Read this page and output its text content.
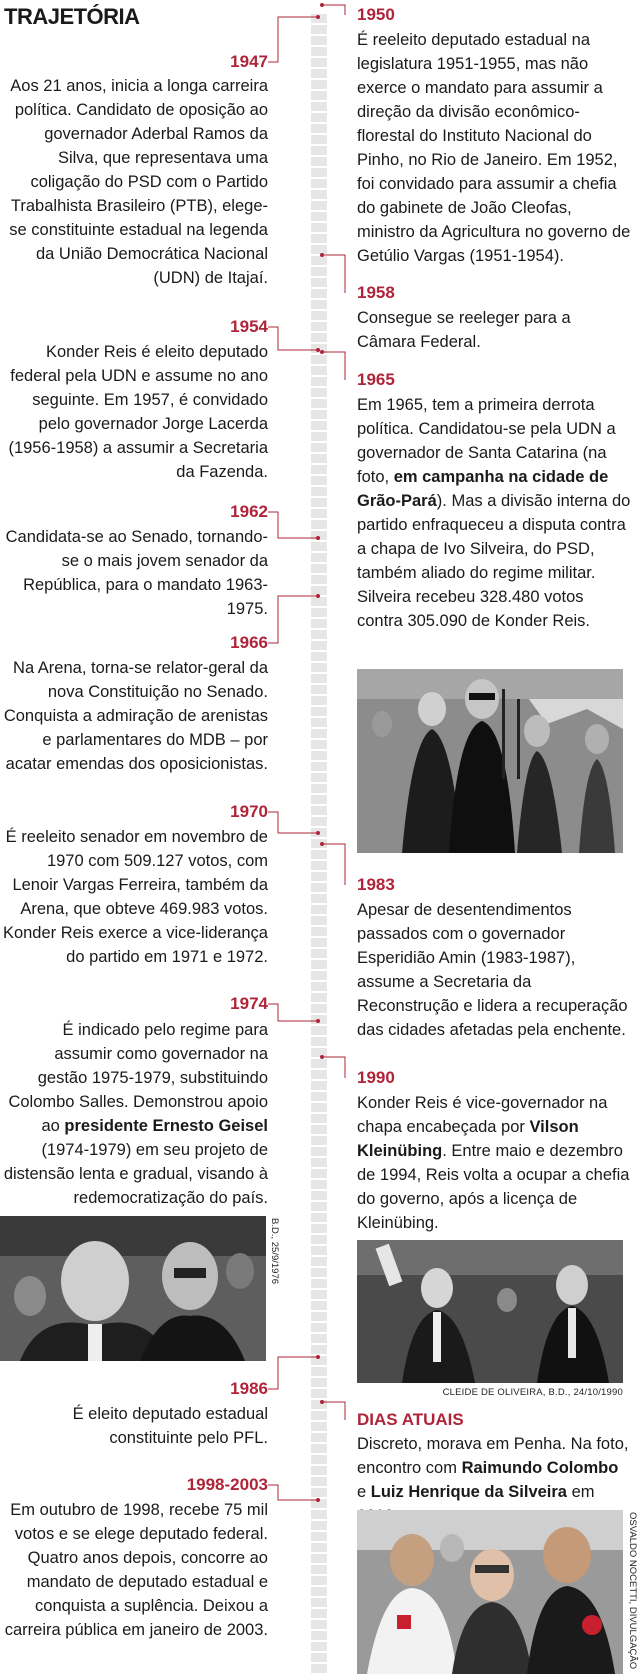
TRAJETÓRIA
1947
Aos 21 anos, inicia a longa carreira política. Candidato de oposição ao governador Aderbal Ramos da Silva, que representava uma coligação do PSD com o Partido Trabalhista Brasileiro (PTB), elege-se constituinte estadual na legenda da União Democrática Nacional (UDN) de Itajaí.
1954
Konder Reis é eleito deputado federal pela UDN e assume no ano seguinte. Em 1957, é convidado pelo governador Jorge Lacerda (1956-1958) a assumir a Secretaria da Fazenda.
1962
Candidata-se ao Senado, tornando-se o mais jovem senador da República, para o mandato 1963-1975.
1966
Na Arena, torna-se relator-geral da nova Constituição no Senado. Conquista a admiração de arenistas e parlamentares do MDB – por acatar emendas dos oposicionistas.
1970
É reeleito senador em novembro de 1970 com 509.127 votos, com Lenoir Vargas Ferreira, também da Arena, que obteve 469.983 votos. Konder Reis exerce a vice-liderança do partido em 1971 e 1972.
1974
É indicado pelo regime para assumir como governador na gestão 1975-1979, substituindo Colombo Salles. Demonstrou apoio ao presidente Ernesto Geisel (1974-1979) em seu projeto de distensão lenta e gradual, visando à redemocratização do país.
B.D., 25/9/1976
1986
É eleito deputado estadual constituinte pelo PFL.
1998-2003
Em outubro de 1998, recebe 75 mil votos e se elege deputado federal. Quatro anos depois, concorre ao mandato de deputado estadual e conquista a suplência. Deixou a carreira pública em janeiro de 2003.
1950
É reeleito deputado estadual na legislatura 1951-1955, mas não exerce o mandato para assumir a direção da divisão econômico-florestal do Instituto Nacional do Pinho, no Rio de Janeiro. Em 1952, foi convidado para assumir a chefia do gabinete de João Cleofas, ministro da Agricultura no governo de Getúlio Vargas (1951-1954).
1958
Consegue se reeleger para a Câmara Federal.
1965
Em 1965, tem a primeira derrota política. Candidatou-se pela UDN a governador de Santa Catarina (na foto, em campanha na cidade de Grão-Pará). Mas a divisão interna do partido enfraqueceu a disputa contra a chapa de Ivo Silveira, do PSD, também aliado do regime militar. Silveira recebeu 328.480 votos contra 305.090 de Konder Reis.
1983
Apesar de desentendimentos passados com o governador Esperidião Amin (1983-1987), assume a Secretaria da Reconstrução e lidera a recuperação das cidades afetadas pela enchente.
1990
Konder Reis é vice-governador na chapa encabeçada por Vilson Kleinübing. Entre maio e dezembro de 1994, Reis volta a ocupar a chefia do governo, após a licença de Kleinübing.
CLEIDE DE OLIVEIRA, B.D., 24/10/1990
DIAS ATUAIS
Discreto, morava em Penha. Na foto, encontro com Raimundo Colombo e Luiz Henrique da Silveira em
OSVALDO NOCETTI, DIVULGAÇÃO
